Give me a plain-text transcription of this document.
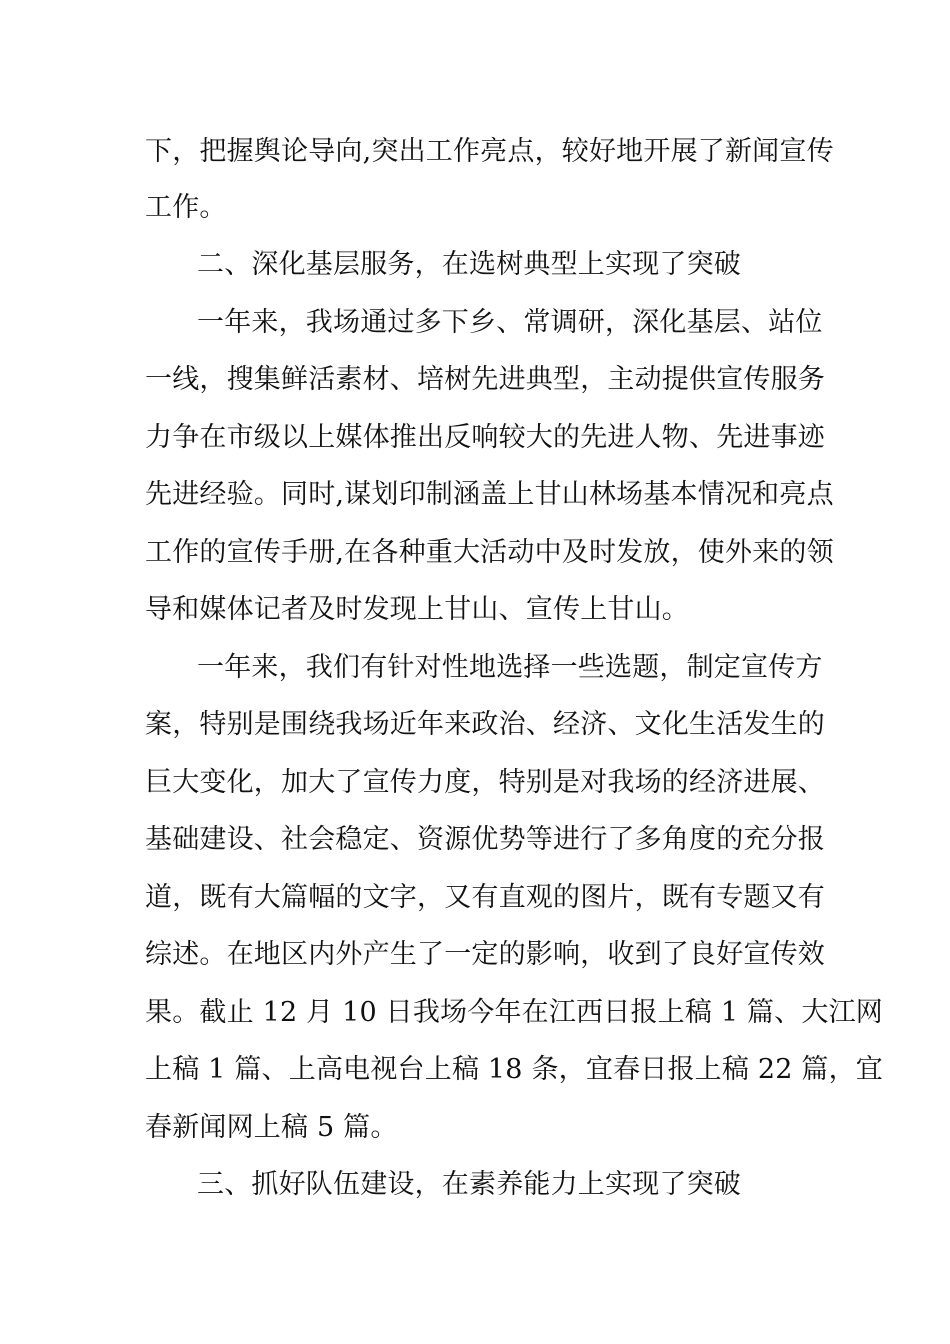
下，把握舆论导向,突出工作亮点，较好地开展了新闻宣传
工作。
二、深化基层服务，在选树典型上实现了突破
一年来，我场通过多下乡、常调研，深化基层、站位
一线，搜集鲜活素材、培树先进典型，主动提供宣传服务
力争在市级以上媒体推出反响较大的先进人物、先进事迹
先进经验。同时,谋划印制涵盖上甘山林场基本情况和亮点
工作的宣传手册,在各种重大活动中及时发放，使外来的领
导和媒体记者及时发现上甘山、宣传上甘山。
一年来，我们有针对性地选择一些选题，制定宣传方
案，特别是围绕我场近年来政治、经济、文化生活发生的
巨大变化，加大了宣传力度，特别是对我场的经济进展、
基础建设、社会稳定、资源优势等进行了多角度的充分报
道，既有大篇幅的文字，又有直观的图片，既有专题又有
综述。在地区内外产生了一定的影响，收到了良好宣传效
果。截止 12 月 10 日我场今年在江西日报上稿 1 篇、大江网
上稿 1 篇、上高电视台上稿 18 条，宜春日报上稿 22 篇，宜
春新闻网上稿 5 篇。
三、抓好队伍建设，在素养能力上实现了突破
